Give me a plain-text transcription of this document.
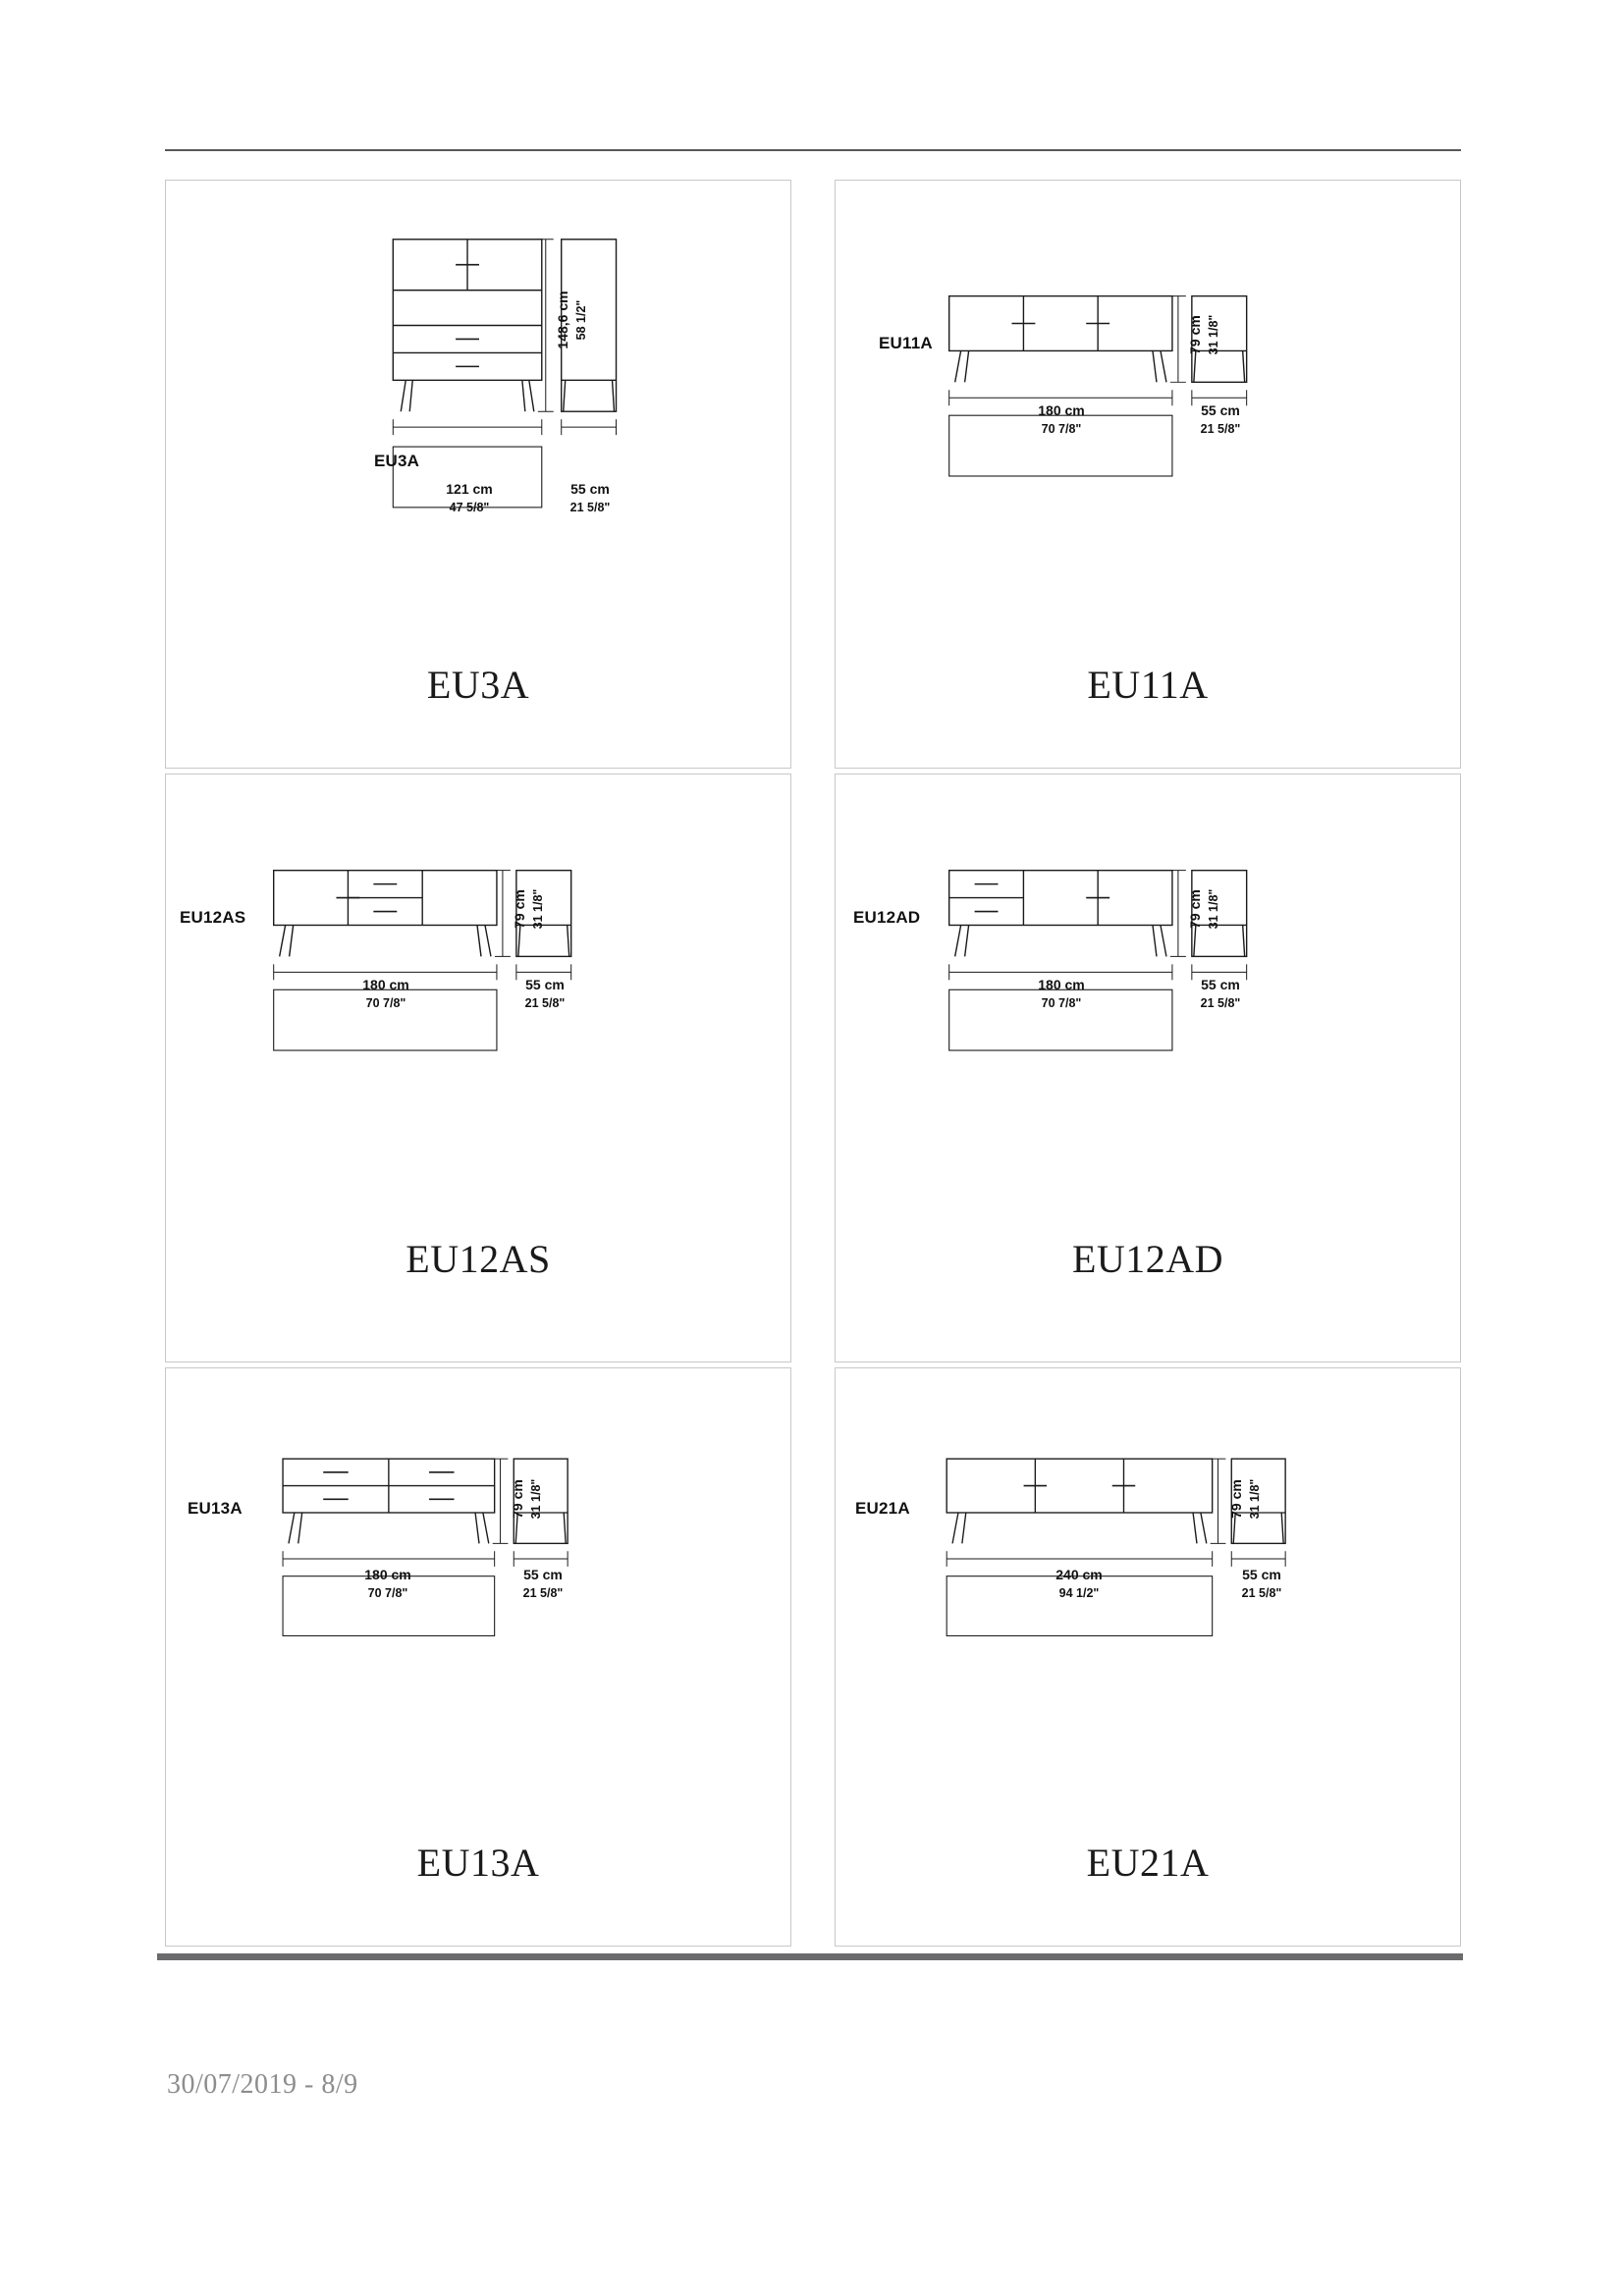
EU3A
121 cm
47 5/8"
55 cm
21 5/8"
148,6 cm 58 1/2"
EU3A
EU11A
180 cm
70 7/8"
55 cm
21 5/8"
79 cm 31 1/8"
EU11A
EU12AS
180 cm
70 7/8"
55 cm
21 5/8"
79 cm 31 1/8"
EU12AS
EU12AD
180 cm
70 7/8"
55 cm
21 5/8"
79 cm 31 1/8"
EU12AD
EU13A
180 cm
70 7/8"
55 cm
21 5/8"
79 cm 31 1/8"
EU13A
EU21A
240 cm
94 1/2"
55 cm
21 5/8"
79 cm 31 1/8"
EU21A
30/07/2019 - 8/9
